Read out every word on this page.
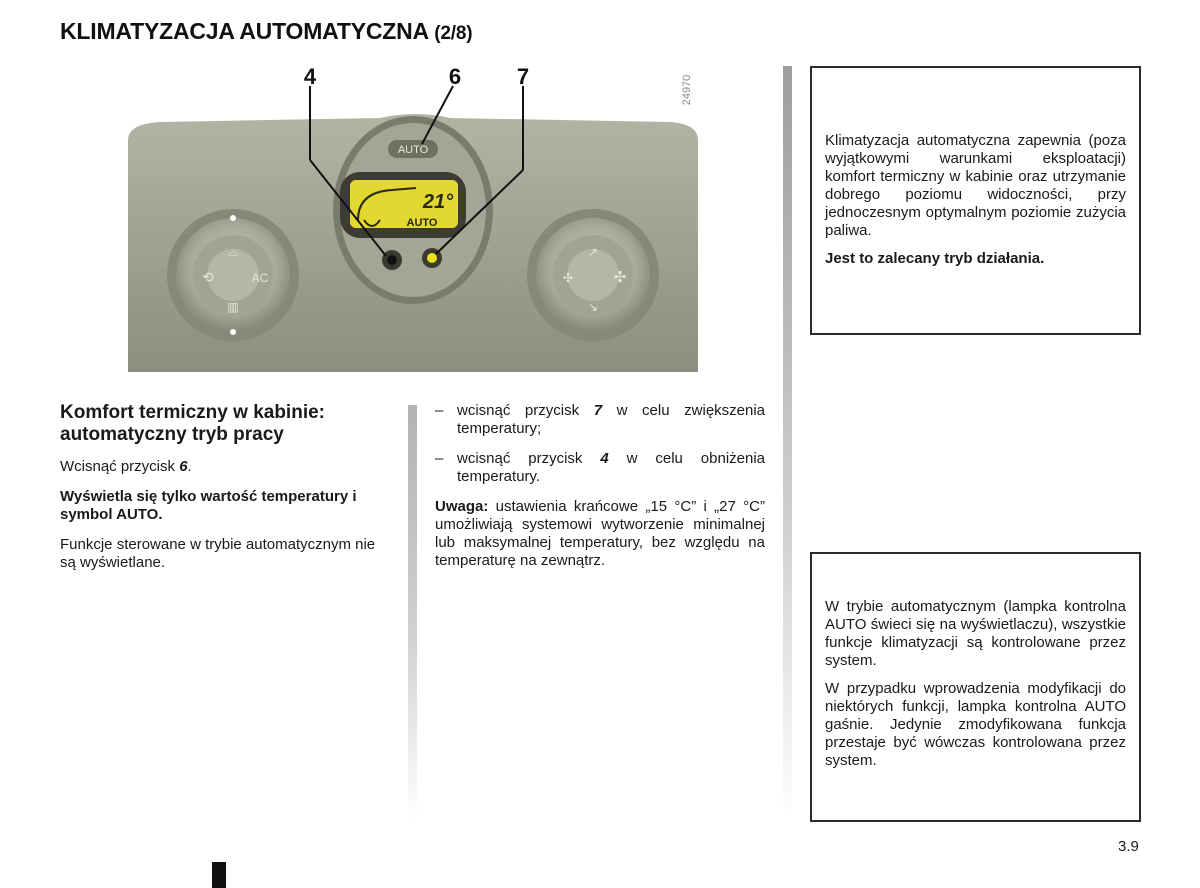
KLIMATYZACJA AUTOMATYCZNA (2/8)
21°
AUTO
AUTO
⟲	AC
⌓
▥
✣	✣
↗
↘
4	6	7	24970
Komfort termiczny w kabinie: automatyczny tryb pracy

Wcisnąć przycisk 6.

Wyświetla się tylko wartość temperatury i symbol AUTO.

Funkcje sterowane w trybie automatycznym nie są wyświetlane.

– wcisnąć przycisk 7 w celu zwiększenia temperatury;
– wcisnąć przycisk 4 w celu obniżenia temperatury.

Uwaga: ustawienia krańcowe „15 °C” i „27 °C” umożliwiają systemowi wytworzenie minimalnej lub maksymalnej temperatury, bez względu na temperaturę na zewnątrz.

Klimatyzacja automatyczna zapewnia (poza wyjątkowymi warunkami eksploatacji) komfort termiczny w kabinie oraz utrzymanie dobrego poziomu widoczności, przy jednoczesnym optymalnym poziomie zużycia paliwa.

Jest to zalecany tryb działania.

W trybie automatycznym (lampka kontrolna AUTO świeci się na wyświetlaczu), wszystkie funkcje klimatyzacji są kontrolowane przez system.

W przypadku wprowadzenia modyfikacji do niektórych funkcji, lampka kontrolna AUTO gaśnie. Jedynie zmodyfikowana funkcja przestaje być wówczas kontrolowana przez system.

3.9
